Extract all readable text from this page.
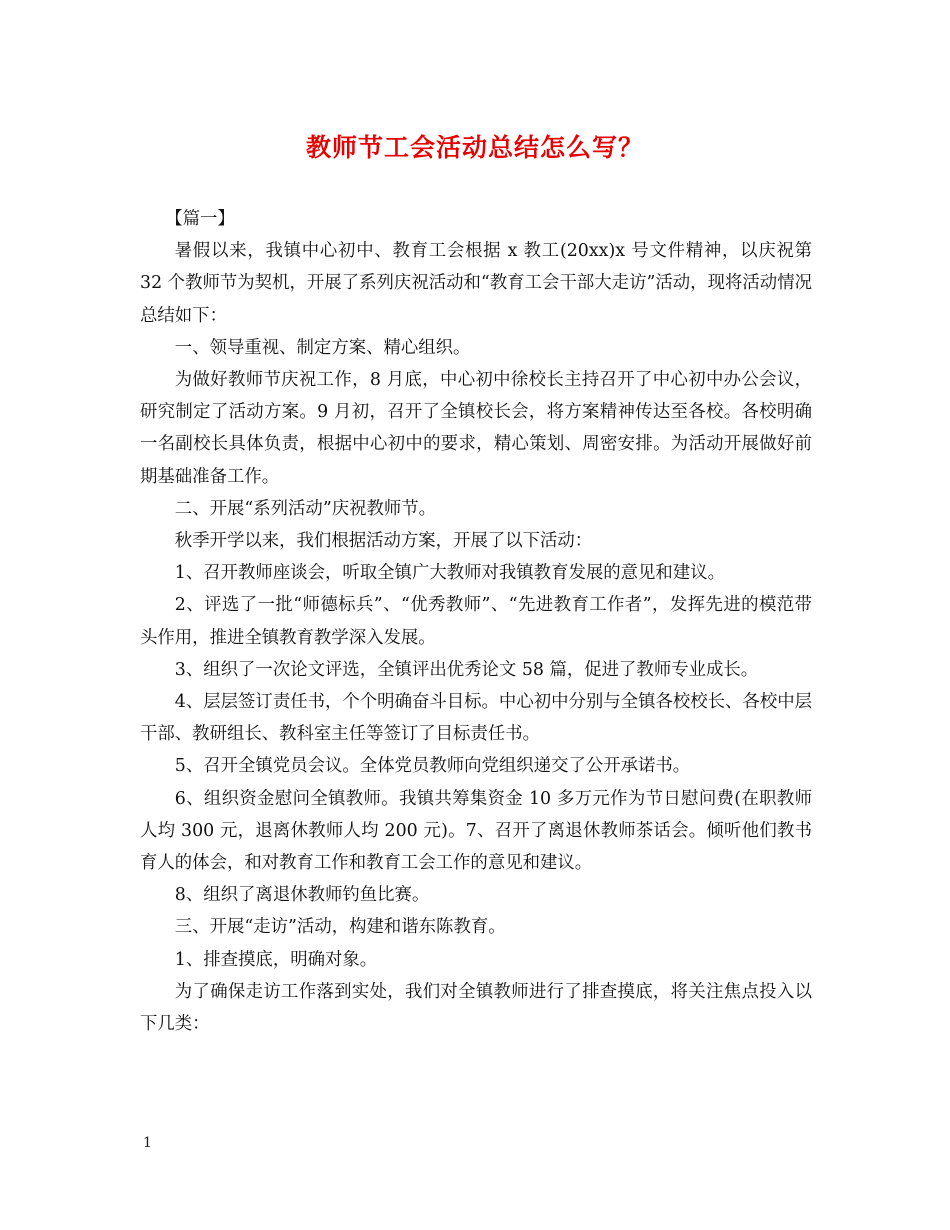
教师节工会活动总结怎么写？

【篇一】

暑假以来，我镇中心初中、教育工会根据 x 教工(20xx)x 号文件精神，以庆祝第 32 个教师节为契机，开展了系列庆祝活动和“教育工会干部大走访”活动，现将活动情况总结如下：

一、领导重视、制定方案、精心组织。

为做好教师节庆祝工作，8 月底，中心初中徐校长主持召开了中心初中办公会议，研究制定了活动方案。9 月初，召开了全镇校长会，将方案精神传达至各校。各校明确一名副校长具体负责，根据中心初中的要求，精心策划、周密安排。为活动开展做好前期基础准备工作。

二、开展“系列活动”庆祝教师节。

秋季开学以来，我们根据活动方案，开展了以下活动：

1、召开教师座谈会，听取全镇广大教师对我镇教育发展的意见和建议。

2、评选了一批“师德标兵”、“优秀教师”、“先进教育工作者”，发挥先进的模范带头作用，推进全镇教育教学深入发展。

3、组织了一次论文评选，全镇评出优秀论文 58 篇，促进了教师专业成长。

4、层层签订责任书，个个明确奋斗目标。中心初中分别与全镇各校校长、各校中层干部、教研组长、教科室主任等签订了目标责任书。

5、召开全镇党员会议。全体党员教师向党组织递交了公开承诺书。

6、组织资金慰问全镇教师。我镇共筹集资金 10 多万元作为节日慰问费(在职教师人均 300 元，退离休教师人均 200 元)。7、召开了离退休教师茶话会。倾听他们教书育人的体会，和对教育工作和教育工会工作的意见和建议。

8、组织了离退休教师钓鱼比赛。

三、开展“走访”活动，构建和谐东陈教育。

1、排查摸底，明确对象。

为了确保走访工作落到实处，我们对全镇教师进行了排查摸底，将关注焦点投入以下几类：

1
